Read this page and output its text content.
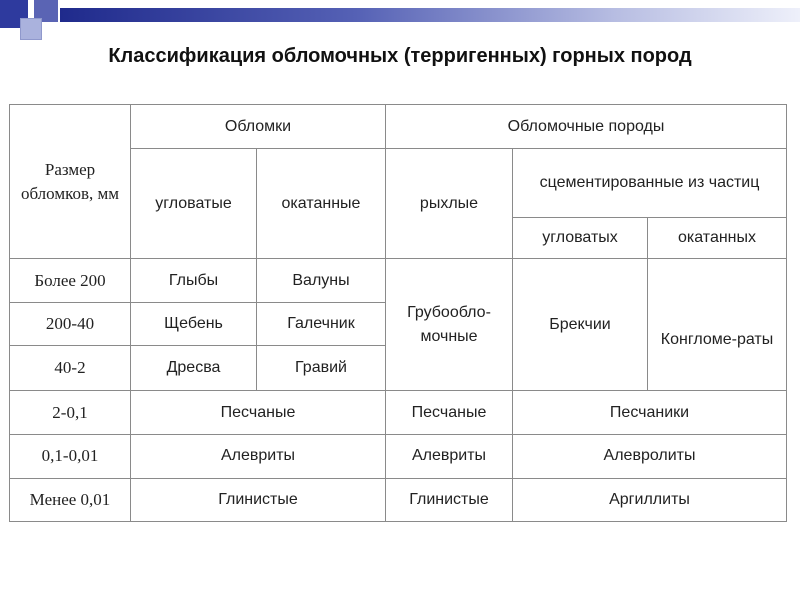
Классификация обломочных (терригенных) горных пород
Размер обломков, мм	Обломки		Обломочные породы		
	угловатые	окатанные	рыхлые	сцементированные из частиц	
				угловатых	окатанных
Более 200	Глыбы	Валуны	Грубообло-мочные	Брекчии	Конгломе-раты
200-40	Щебень	Галечник			
40-2	Дресва	Гравий			
2-0,1	Песчаные		Песчаные	Песчаники	
0,1-0,01	Алевриты		Алевриты	Алевролиты	
Менее 0,01	Глинистые		Глинистые	Аргиллиты	
